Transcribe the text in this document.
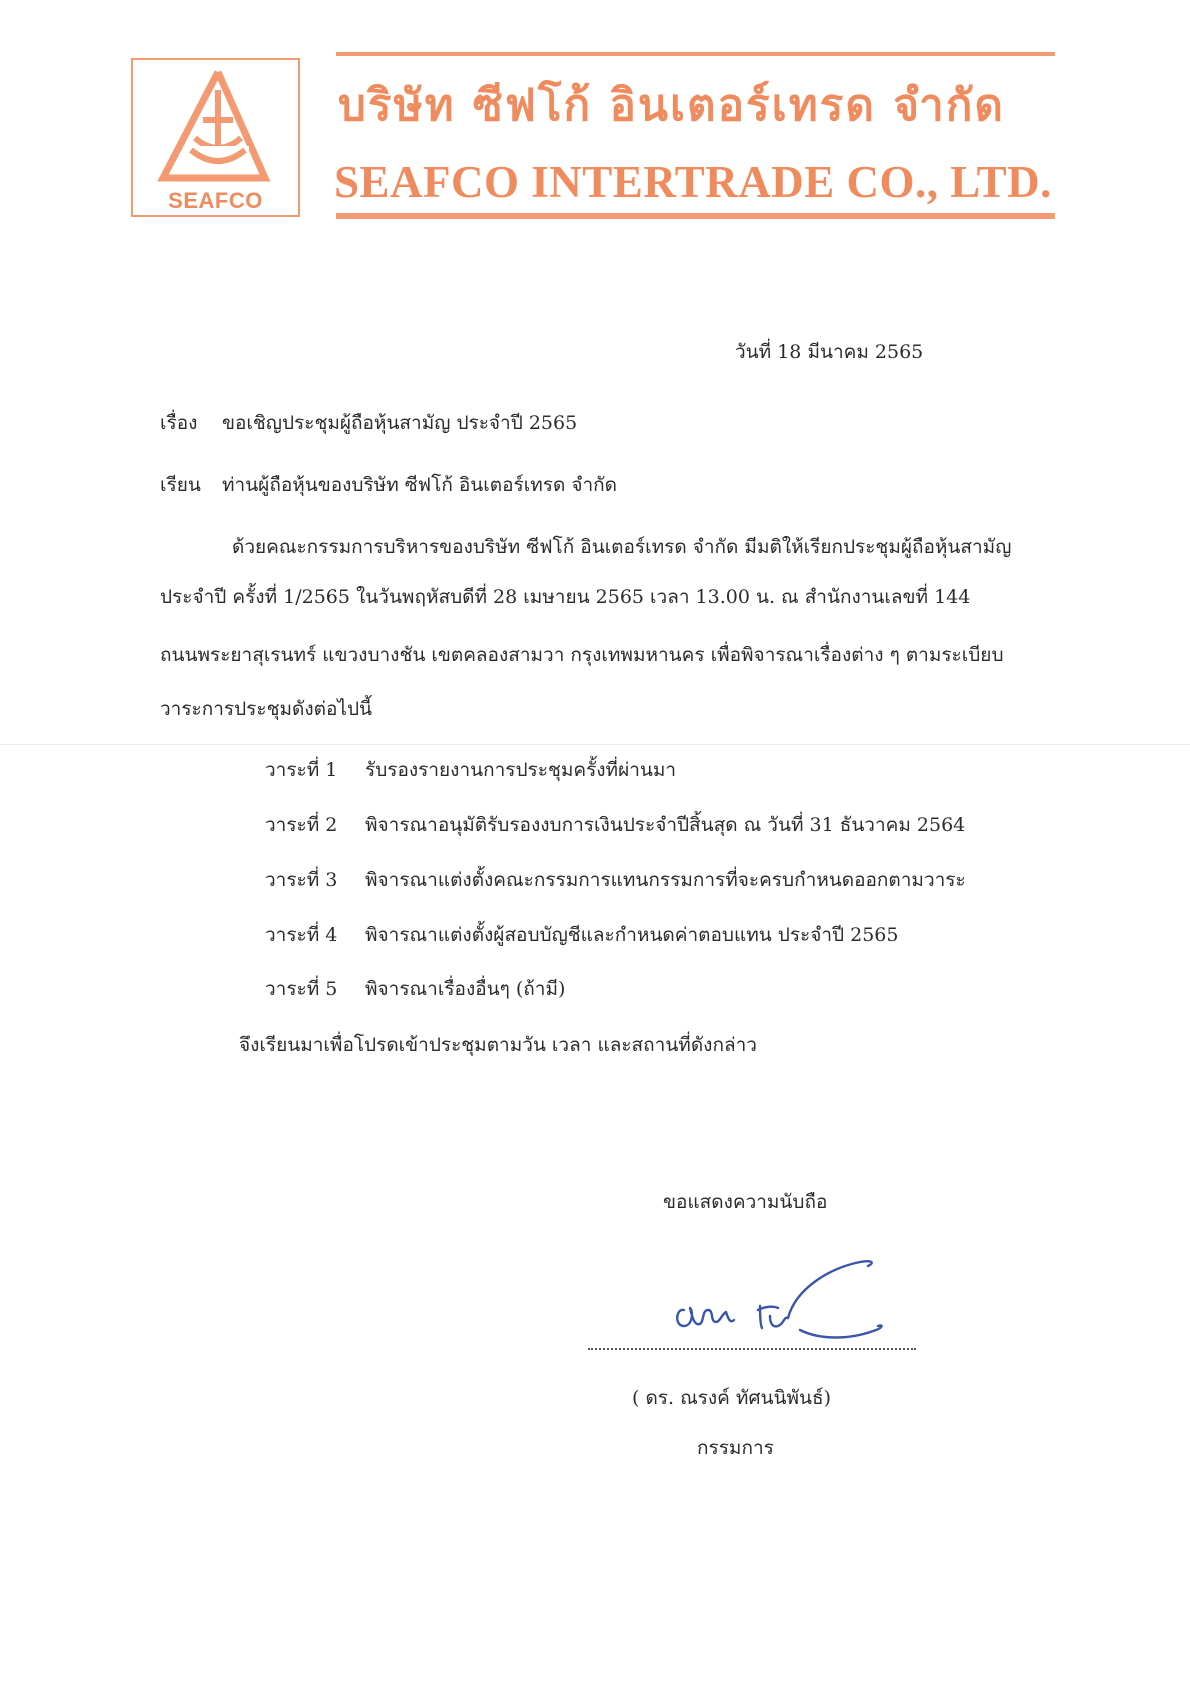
SEAFCO
บริษัท ซีฟโก้ อินเตอร์เทรด จำกัด
SEAFCO INTERTRADE CO., LTD.
วันที่ 18 มีนาคม 2565
เรื่อง ขอเชิญประชุมผู้ถือหุ้นสามัญ ประจำปี 2565
เรียน ท่านผู้ถือหุ้นของบริษัท ซีฟโก้ อินเตอร์เทรด จำกัด
ด้วยคณะกรรมการบริหารของบริษัท ซีฟโก้ อินเตอร์เทรด จำกัด มีมติให้เรียกประชุมผู้ถือหุ้นสามัญ
ประจำปี ครั้งที่ 1/2565 ในวันพฤหัสบดีที่ 28 เมษายน 2565 เวลา 13.00 น. ณ สำนักงานเลขที่ 144
ถนนพระยาสุเรนทร์ แขวงบางชัน เขตคลองสามวา กรุงเทพมหานคร เพื่อพิจารณาเรื่องต่าง ๆ ตามระเบียบ
วาระการประชุมดังต่อไปนี้
วาระที่ 1 รับรองรายงานการประชุมครั้งที่ผ่านมา
วาระที่ 2 พิจารณาอนุมัติรับรองงบการเงินประจำปีสิ้นสุด ณ วันที่ 31 ธันวาคม 2564
วาระที่ 3 พิจารณาแต่งตั้งคณะกรรมการแทนกรรมการที่จะครบกำหนดออกตามวาระ
วาระที่ 4 พิจารณาแต่งตั้งผู้สอบบัญชีและกำหนดค่าตอบแทน ประจำปี 2565
วาระที่ 5 พิจารณาเรื่องอื่นๆ (ถ้ามี)
จึงเรียนมาเพื่อโปรดเข้าประชุมตามวัน เวลา และสถานที่ดังกล่าว
ขอแสดงความนับถือ
( ดร. ณรงค์ ทัศนนิพันธ์)
กรรมการ
